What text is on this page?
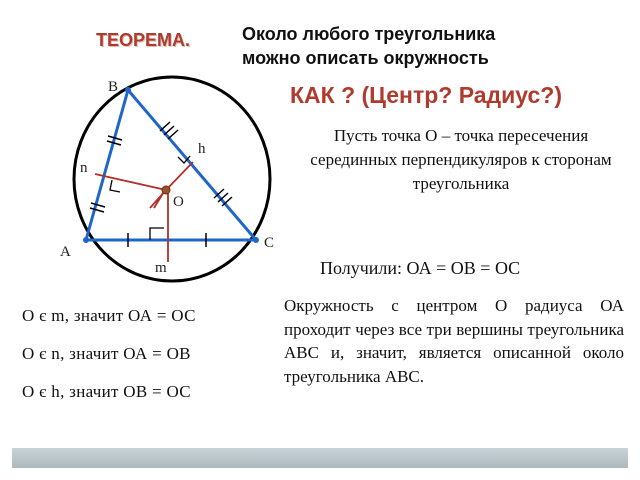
ТЕОРЕМА.	Около любого треугольника
можно описать окружность
КАК ? (Центр? Радиус?)
Пусть точка О – точка пересечения серединных перпендикуляров к сторонам треугольника
Получили: ОА = ОВ = ОС
Окружность с центром О радиуса ОА проходит через все три вершины треугольника АВС и, значит, является описанной около треугольника АВС.
О є m, значит ОА = ОС
О є n, значит ОА = ОВ
О є h, значит ОВ = ОС
B
A
C
O
n
h
m
